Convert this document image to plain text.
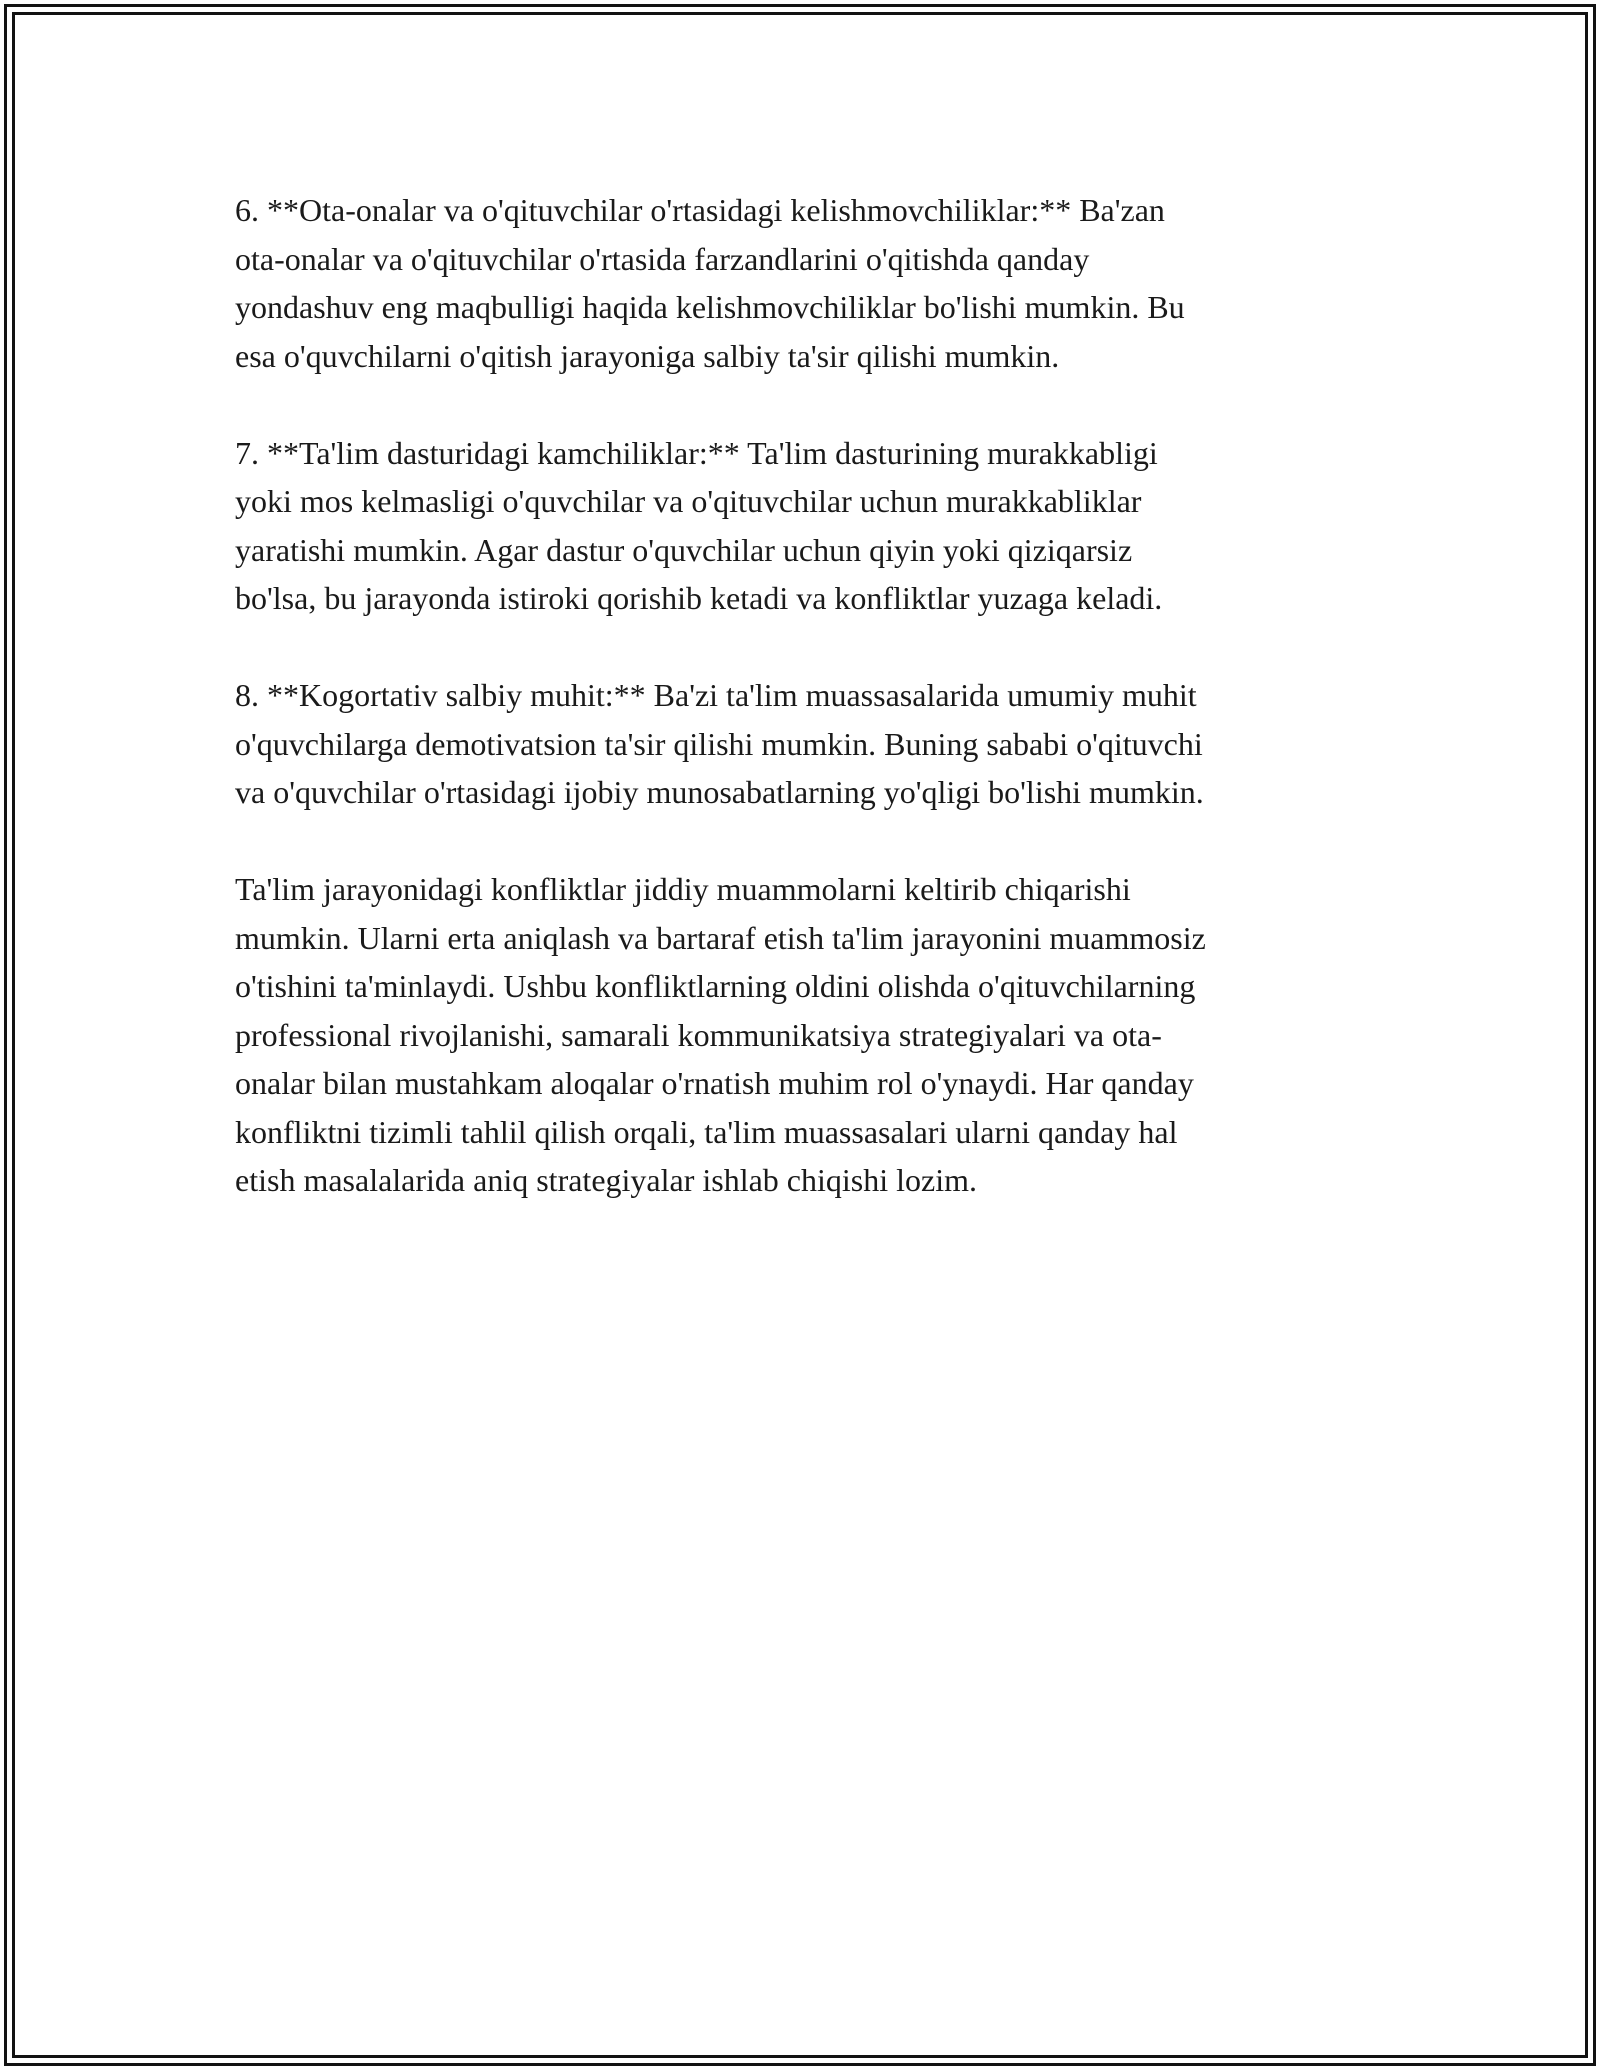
6. **Ota-onalar va o'qituvchilar o'rtasidagi kelishmovchiliklar:** Ba'zan
ota-onalar va o'qituvchilar o'rtasida farzandlarini o'qitishda qanday
yondashuv eng maqbulligi haqida kelishmovchiliklar bo'lishi mumkin. Bu
esa o'quvchilarni o'qitish jarayoniga salbiy ta'sir qilishi mumkin.

7. **Ta'lim dasturidagi kamchiliklar:** Ta'lim dasturining murakkabligi
yoki mos kelmasligi o'quvchilar va o'qituvchilar uchun murakkabliklar
yaratishi mumkin. Agar dastur o'quvchilar uchun qiyin yoki qiziqarsiz
bo'lsa, bu jarayonda istiroki qorishib ketadi va konfliktlar yuzaga keladi.

8. **Kogortativ salbiy muhit:** Ba'zi ta'lim muassasalarida umumiy muhit
o'quvchilarga demotivatsion ta'sir qilishi mumkin. Buning sababi o'qituvchi
va o'quvchilar o'rtasidagi ijobiy munosabatlarning yo'qligi bo'lishi mumkin.

Ta'lim jarayonidagi konfliktlar jiddiy muammolarni keltirib chiqarishi
mumkin. Ularni erta aniqlash va bartaraf etish ta'lim jarayonini muammosiz
o'tishini ta'minlaydi. Ushbu konfliktlarning oldini olishda o'qituvchilarning
professional rivojlanishi, samarali kommunikatsiya strategiyalari va ota-
onalar bilan mustahkam aloqalar o'rnatish muhim rol o'ynaydi. Har qanday
konfliktni tizimli tahlil qilish orqali, ta'lim muassasalari ularni qanday hal
etish masalalarida aniq strategiyalar ishlab chiqishi lozim.
